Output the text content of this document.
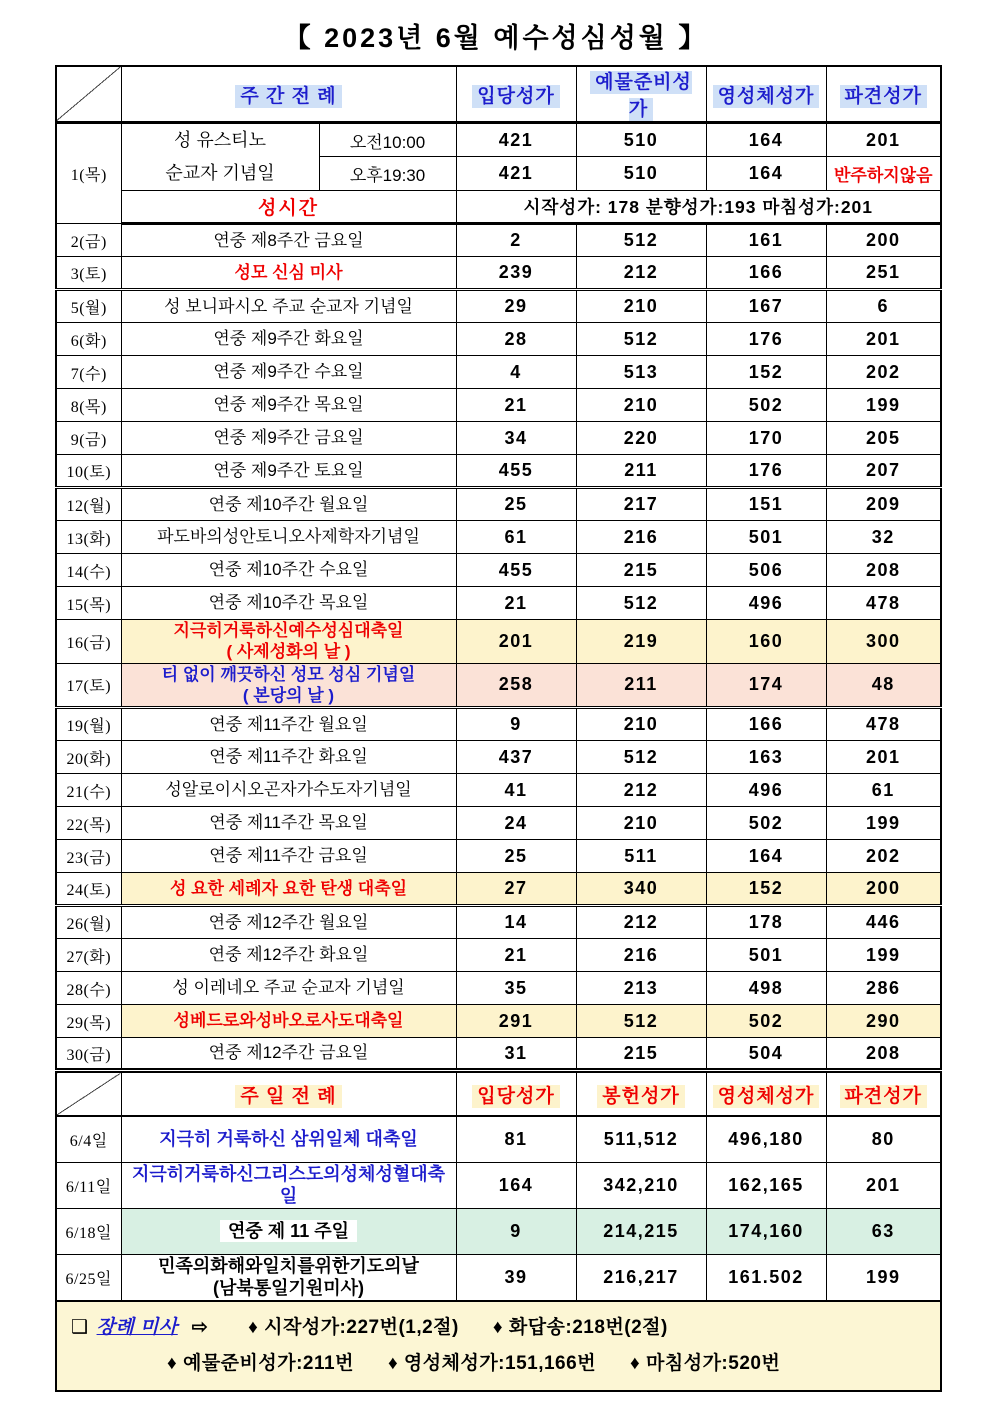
【 2023년 6월 예수성심성월 】
	주 간 전 례		입당성가	예물준비성가	영성체성가	파견성가
1(목)	성 유스티노
순교자 기념일	오전10:00	421	510	164	201
		오후19:30	421	510	164	반주하지않음
	성시간		시작성가: 178 분향성가:193 마침성가:201			
2(금)	연중 제8주간 금요일		2	512	161	200
3(토)	성모 신심 미사		239	212	166	251
5(월)	성 보니파시오 주교 순교자 기념일		29	210	167	6
6(화)	연중 제9주간 화요일		28	512	176	201
7(수)	연중 제9주간 수요일		4	513	152	202
8(목)	연중 제9주간 목요일		21	210	502	199
9(금)	연중 제9주간 금요일		34	220	170	205
10(토)	연중 제9주간 토요일		455	211	176	207
12(월)	연중 제10주간 월요일		25	217	151	209
13(화)	파도바의성안토니오사제학자기념일		61	216	501	32
14(수)	연중 제10주간 수요일		455	215	506	208
15(목)	연중 제10주간 목요일		21	512	496	478
16(금)	지극히거룩하신예수성심대축일
( 사제성화의 날 )		201	219	160	300
17(토)	티 없이 깨끗하신 성모 성심 기념일
( 본당의 날 )		258	211	174	48
19(월)	연중 제11주간 월요일		9	210	166	478
20(화)	연중 제11주간 화요일		437	512	163	201
21(수)	성알로이시오곤자가수도자기념일		41	212	496	61
22(목)	연중 제11주간 목요일		24	210	502	199
23(금)	연중 제11주간 금요일		25	511	164	202
24(토)	성 요한 세례자 요한 탄생 대축일		27	340	152	200
26(월)	연중 제12주간 월요일		14	212	178	446
27(화)	연중 제12주간 화요일		21	216	501	199
28(수)	성 이레네오 주교 순교자 기념일		35	213	498	286
29(목)	성베드로와성바오로사도대축일		291	512	502	290
30(금)	연중 제12주간 금요일		31	215	504	208
	주 일 전 례		입당성가	봉헌성가	영성체성가	파견성가
6/4일	지극히 거룩하신 삼위일체 대축일		81	511,512	496,180	80
6/11일	지극히거룩하신그리스도의성체성혈대축일		164	342,210	162,165	201
6/18일	연중 제 11 주일		9	214,215	174,160	63
6/25일	민족의화해와일치를위한기도의날
(남북통일기원미사)		39	216,217	161.502	199

❑ 장례 미사 ⇨ ♦ 시작성가:227번(1,2절) ♦ 화답송:218번(2절)
♦ 예물준비성가:211번 ♦ 영성체성가:151,166번 ♦ 마침성가:520번						
